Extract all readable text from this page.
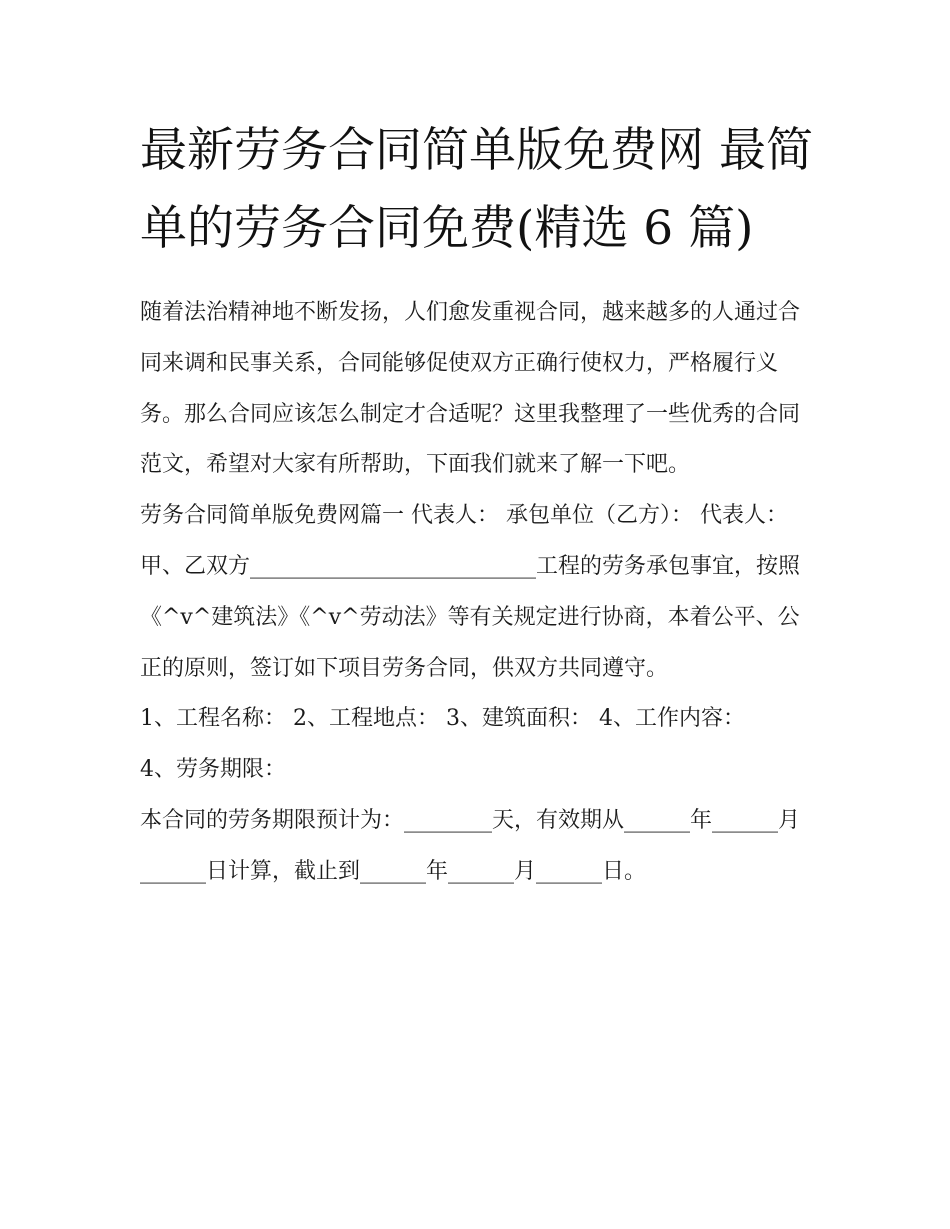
最新劳务合同简单版免费网 最简单的劳务合同免费(精选 6 篇)

随着法治精神地不断发扬，人们愈发重视合同，越来越多的人通过合同来调和民事关系，合同能够促使双方正确行使权力，严格履行义务。那么合同应该怎么制定才合适呢？这里我整理了一些优秀的合同范文，希望对大家有所帮助，下面我们就来了解一下吧。

劳务合同简单版免费网篇一 代表人： 承包单位（乙方）： 代表人：

甲、乙双方__________________________工程的劳务承包事宜，按照《^v^建筑法》《^v^劳动法》等有关规定进行协商，本着公平、公正的原则，签订如下项目劳务合同，供双方共同遵守。

1、工程名称： 2、工程地点： 3、建筑面积： 4、工作内容：

4、劳务期限：

本合同的劳务期限预计为：________天，有效期从______年______月______日计算，截止到______年______月______日。
